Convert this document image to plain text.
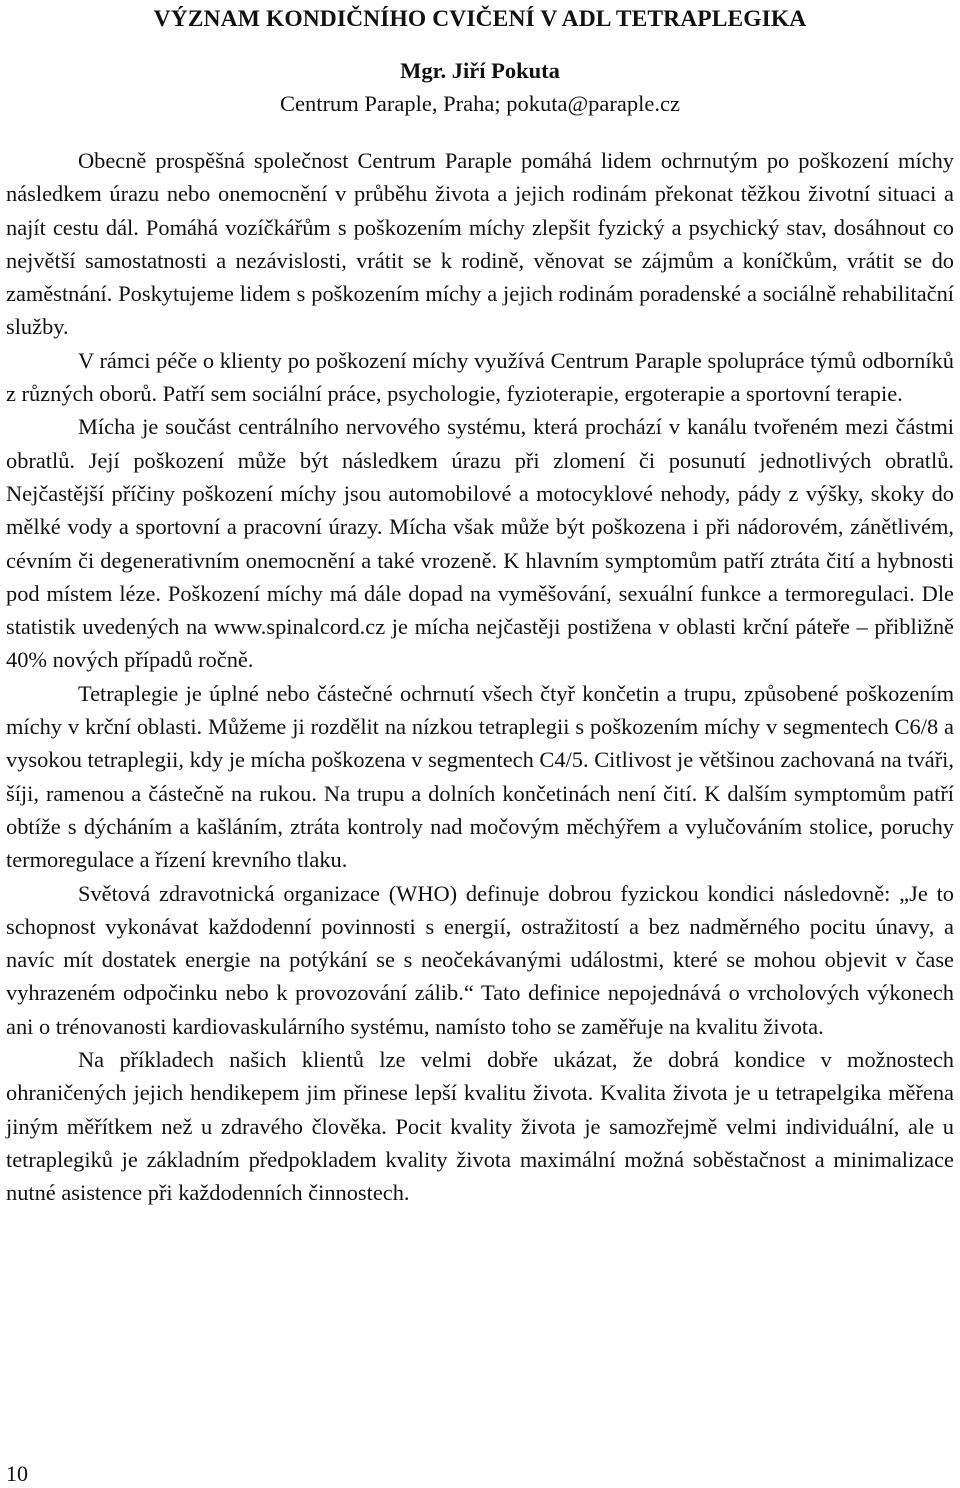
VÝZNAM KONDIČNÍHO CVIČENÍ V ADL TETRAPLEGIKA
Mgr. Jiří Pokuta
Centrum Paraple, Praha; pokuta@paraple.cz

Obecně prospěšná společnost Centrum Paraple pomáhá lidem ochrnutým po poškození míchy následkem úrazu nebo onemocnění v průběhu života a jejich rodinám překonat těžkou životní situaci a najít cestu dál. Pomáhá vozíčkářům s poškozením míchy zlepšit fyzický a psychický stav, dosáhnout co největší samostatnosti a nezávislosti, vrátit se k rodině, věnovat se zájmům a koníčkům, vrátit se do zaměstnání. Poskytujeme lidem s poškozením míchy a jejich rodinám poradenské a sociálně rehabilitační služby.

V rámci péče o klienty po poškození míchy využívá Centrum Paraple spolupráce týmů odborníků z různých oborů. Patří sem sociální práce, psychologie, fyzioterapie, ergoterapie a sportovní terapie.

Mícha je součást centrálního nervového systému, která prochází v kanálu tvořeném mezi částmi obratlů. Její poškození může být následkem úrazu při zlomení či posunutí jednotlivých obratlů. Nejčastější příčiny poškození míchy jsou automobilové a motocyklové nehody, pády z výšky, skoky do mělké vody a sportovní a pracovní úrazy. Mícha však může být poškozena i při nádorovém, zánětlivém, cévním či degenerativním onemocnění a také vrozeně. K hlavním symptomům patří ztráta čití a hybnosti pod místem léze. Poškození míchy má dále dopad na vyměšování, sexuální funkce a termoregulaci. Dle statistik uvedených na www.spinalcord.cz je mícha nejčastěji postižena v oblasti krční páteře – přibližně 40% nových případů ročně.

Tetraplegie je úplné nebo částečné ochrnutí všech čtyř končetin a trupu, způsobené poškozením míchy v krční oblasti. Můžeme ji rozdělit na nízkou tetraplegii s poškozením míchy v segmentech C6/8 a vysokou tetraplegii, kdy je mícha poškozena v segmentech C4/5. Citlivost je většinou zachovaná na tváři, šíji, ramenou a částečně na rukou. Na trupu a dolních končetinách není čití. K dalším symptomům patří obtíže s dýcháním a kašláním, ztráta kontroly nad močovým měchýřem a vylučováním stolice, poruchy termoregulace a řízení krevního tlaku.

Světová zdravotnická organizace (WHO) definuje dobrou fyzickou kondici následovně: „Je to schopnost vykonávat každodenní povinnosti s energií, ostražitostí a bez nadměrného pocitu únavy, a navíc mít dostatek energie na potýkání se s neočekávanými událostmi, které se mohou objevit v čase vyhrazeném odpočinku nebo k provozování zálib.“ Tato definice nepojednává o vrcholových výkonech ani o trénovanosti kardiovaskulárního systému, namísto toho se zaměřuje na kvalitu života.

Na příkladech našich klientů lze velmi dobře ukázat, že dobrá kondice v možnostech ohraničených jejich hendikepem jim přinese lepší kvalitu života. Kvalita života je u tetrapelgika měřena jiným měřítkem než u zdravého člověka. Pocit kvality života je samozřejmě velmi individuální, ale u tetraplegiků je základním předpokladem kvality života maximální možná soběstačnost a minimalizace nutné asistence při každodenních činnostech.

10
